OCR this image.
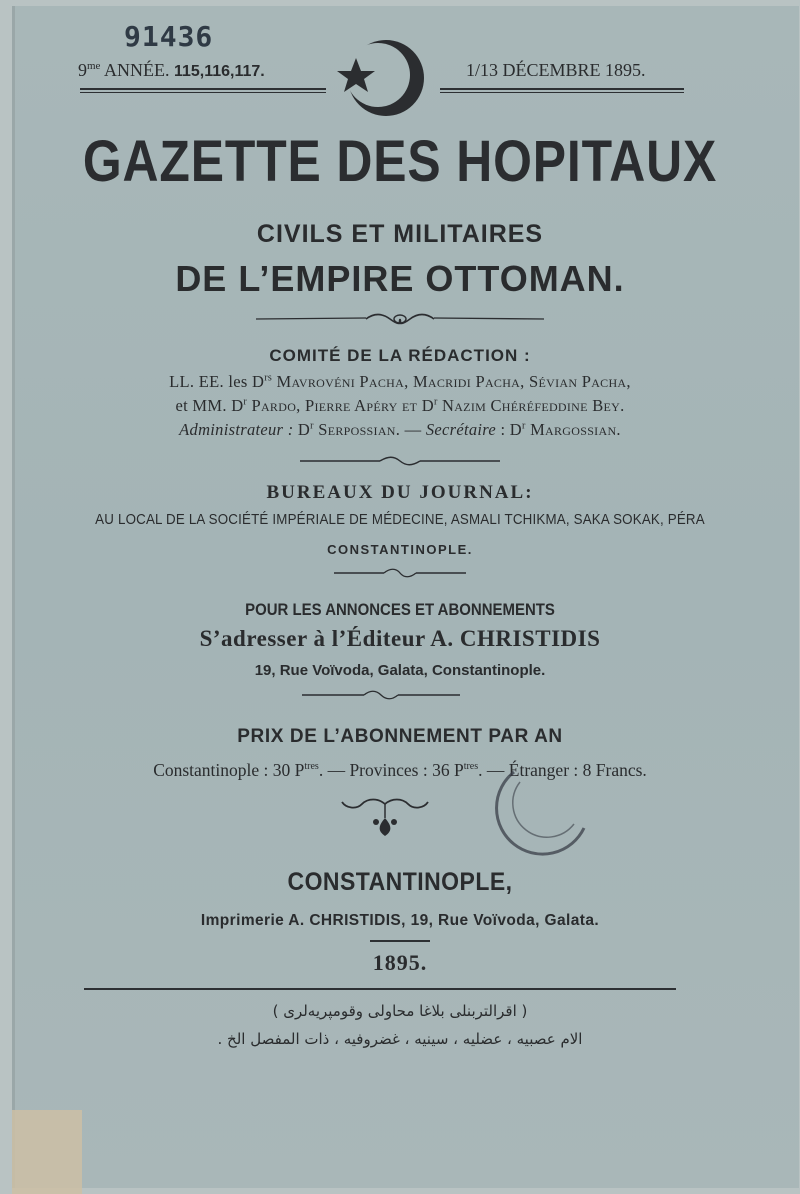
91436
$9^{me}$ ANNÉE. 115,116,117.	1/13 DÉCEMBRE 1895.
GAZETTE DES HOPITAUX
CIVILS ET MILITAIRES
DE L’EMPIRE OTTOMAN.
COMITÉ DE LA RÉDACTION :
LL. EE. les $D^{rs}$ Mavrovéni Pacha, Macridi Pacha, Sévian Pacha,
et MM. $D^r$ Pardo, Pierre Apéry et $D^r$ Nazim Chéréfeddine Bey.
Administrateur : $D^r$ Serpossian. — Secrétaire : $D^r$ Margossian.
BUREAUX DU JOURNAL:
AU LOCAL DE LA SOCIÉTÉ IMPÉRIALE DE MÉDECINE, ASMALI TCHIKMA, SAKA SOKAK, PÉRA
CONSTANTINOPLE.
POUR LES ANNONCES ET ABONNEMENTS
S’adresser à l’Éditeur A. CHRISTIDIS
19, Rue Voïvoda, Galata, Constantinople.
PRIX DE L’ABONNEMENT PAR AN
Constantinople : 30 $P^{tres}$. — Provinces : 36 $P^{tres}$. — Étranger : 8 Francs.
CONSTANTINOPLE,
Imprimerie A. CHRISTIDIS, 19, Rue Voïvoda, Galata.
1895.
( اقرالتربنلی بلاغا محاولی وقومپريه‌لری )
الام عصبيه ، عضليه ، سينيه ، غضروفيه ، ذات المفصل الخ .
